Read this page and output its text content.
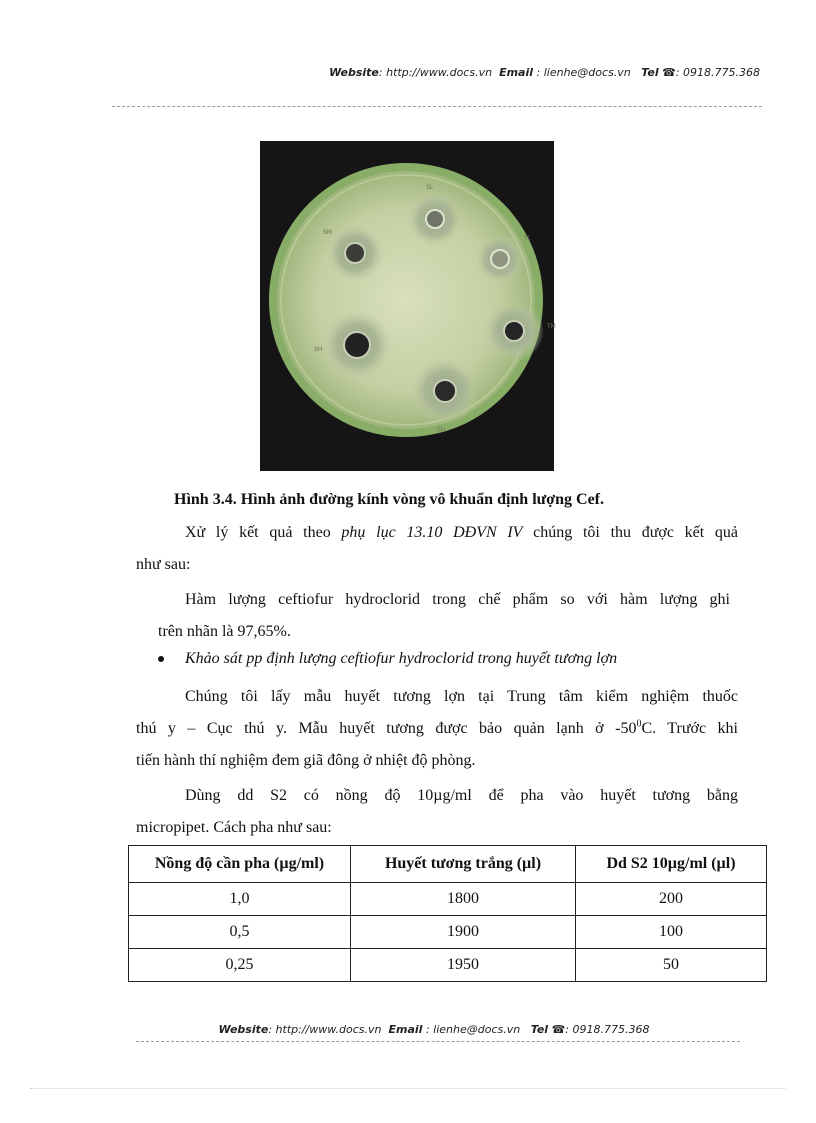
Website: http://www.docs.vn Email : lienhe@docs.vn Tel ☎: 0918.775.368
SL
TL
TM
TH
SH
SM
Hình 3.4. Hình ảnh đường kính vòng vô khuẩn định lượng Cef.
Xử lý kết quả theo phụ lục 13.10 DĐVN IV chúng tôi thu được kết quả
như sau:
Hàm lượng ceftiofur hydroclorid trong chế phẩm so với hàm lượng ghi
trên nhãn là 97,65%.
Khảo sát pp định lượng ceftiofur hydroclorid trong huyết tương lợn
Chúng tôi lấy mẫu huyết tương lợn tại Trung tâm kiểm nghiệm thuốc
thú y – Cục thú y. Mẫu huyết tương được bảo quản lạnh ở $-50^0C$. Trước khi
tiến hành thí nghiệm đem giã đông ở nhiệt độ phòng.
Dùng dd S2 có nồng độ 10µg/ml để pha vào huyết tương bằng
micropipet. Cách pha như sau:
Nồng độ cần pha (µg/ml)	Huyết tương trắng (µl)	Dd S2 10µg/ml (µl)
1,0	1800	200
0,5	1900	100
0,25	1950	50
Website: http://www.docs.vn Email : lienhe@docs.vn Tel ☎: 0918.775.368
